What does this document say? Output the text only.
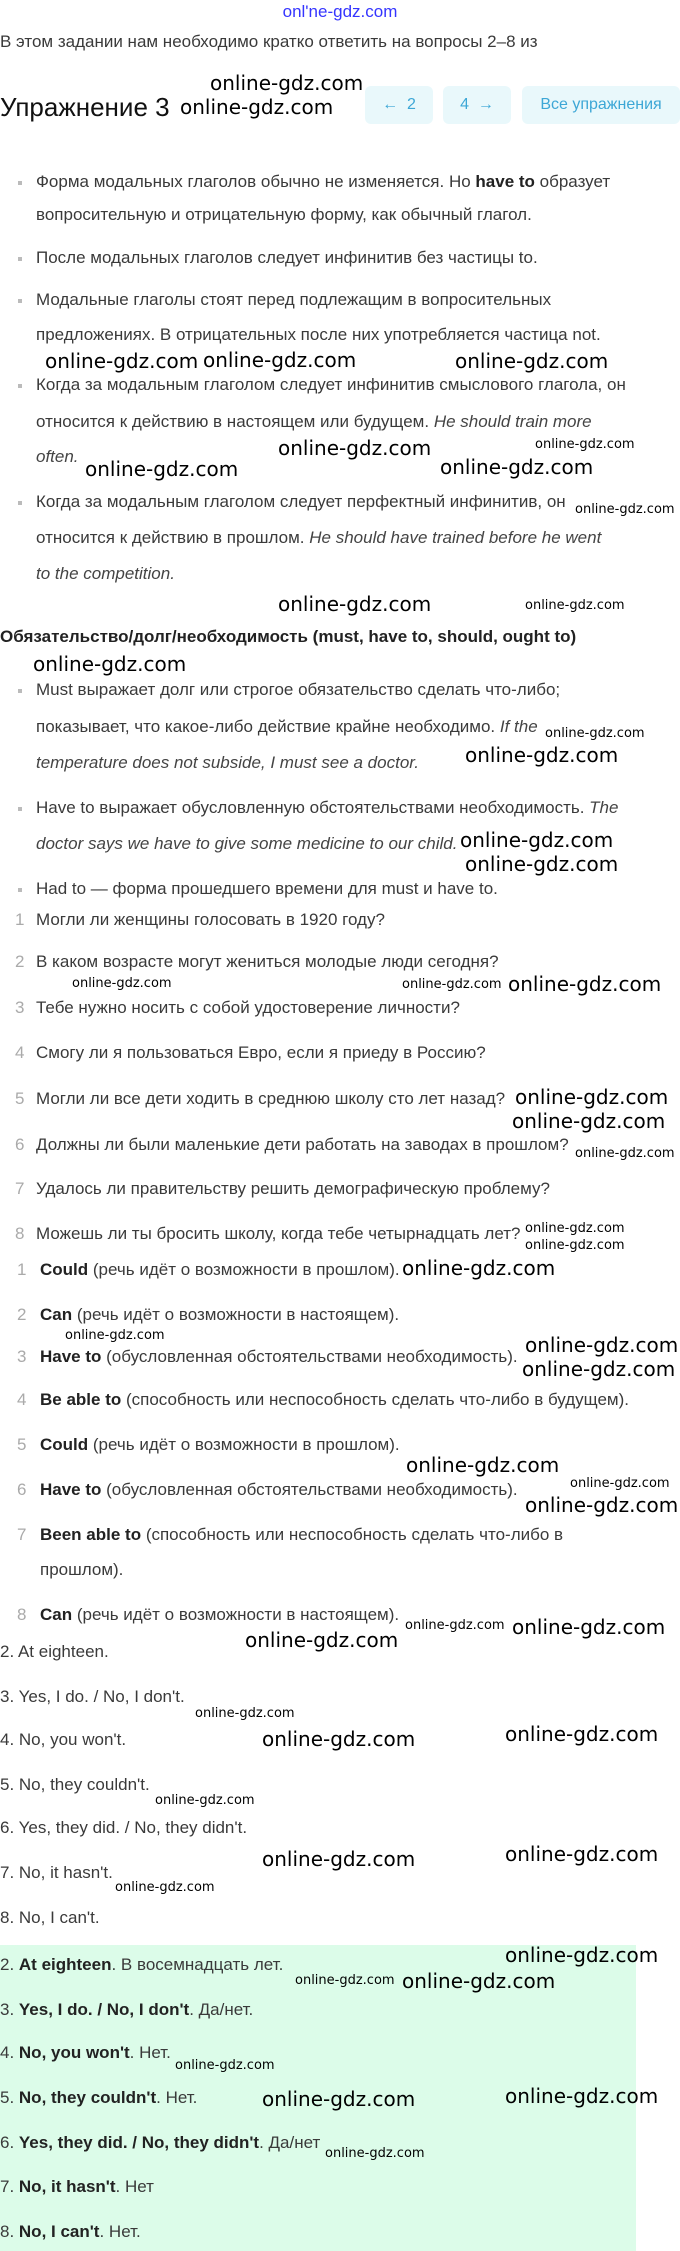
onl'ne-gdz.com
В этом задании нам необходимо кратко ответить на вопросы 2–8 из
Упражнение 3	← 2	4 →	Все упражнения
Обязательство/долг/необходимость (must, have to, should, ought to)
Форма модальных глаголов обычно не изменяется. Но have to образует
вопросительную и отрицательную форму, как обычный глагол.
После модальных глаголов следует инфинитив без частицы to.
Модальные глаголы стоят перед подлежащим в вопросительных
предложениях. В отрицательных после них употребляется частица not.
Когда за модальным глаголом следует инфинитив смыслового глагола, он
относится к действию в настоящем или будущем. He should train more
often.
Когда за модальным глаголом следует перфектный инфинитив, он
относится к действию в прошлом. He should have trained before he went
to the competition.
Must выражает долг или строгое обязательство сделать что-либо;
показывает, что какое-либо действие крайне необходимо. If the
temperature does not subside, I must see a doctor.
Have to выражает обусловленную обстоятельствами необходимость. The
doctor says we have to give some medicine to our child.
Had to — форма прошедшего времени для must и have to.
1 Могли ли женщины голосовать в 1920 году?
2 В каком возрасте могут жениться молодые люди сегодня?
3 Тебе нужно носить с собой удостоверение личности?
4 Смогу ли я пользоваться Евро, если я приеду в Россию?
5 Могли ли все дети ходить в среднюю школу сто лет назад?
6 Должны ли были маленькие дети работать на заводах в прошлом?
7 Удалось ли правительству решить демографическую проблему?
8 Можешь ли ты бросить школу, когда тебе четырнадцать лет?
1 Could (речь идёт о возможности в прошлом).
2 Can (речь идёт о возможности в настоящем).
3 Have to (обусловленная обстоятельствами необходимость).
4 Be able to (способность или неспособность сделать что-либо в будущем).
5 Could (речь идёт о возможности в прошлом).
6 Have to (обусловленная обстоятельствами необходимость).
7 Been able to (способность или неспособность сделать что-либо в
прошлом).
8 Can (речь идёт о возможности в настоящем).
2. At eighteen.
3. Yes, I do. / No, I don't.
4. No, you won't.
5. No, they couldn't.
6. Yes, they did. / No, they didn't.
7. No, it hasn't.
8. No, I can't.
2. At eighteen. В восемнадцать лет.
3. Yes, I do. / No, I don't. Да/нет.
4. No, you won't. Нет.
5. No, they couldn't. Нет.
6. Yes, they did. / No, they didn't. Да/нет
7. No, it hasn't. Нет
8. No, I can't. Нет.
online-gdz.com
online-gdz.com
online-gdz.com	online-gdz.com
online-gdz.com
online-gdz.com	online-gdz.com
online-gdz.com	online-gdz.com
online-gdz.com
online-gdz.com	online-gdz.com
online-gdz.com
online-gdz.com
online-gdz.com
online-gdz.com
online-gdz.com
online-gdz.com	online-gdz.com
online-gdz.com
online-gdz.com
online-gdz.com
online-gdz.com
online-gdz.com
online-gdz.com
online-gdz.com
online-gdz.com
online-gdz.com
online-gdz.com
online-gdz.com
online-gdz.com
online-gdz.com
online-gdz.com online-gdz.com
online-gdz.com
online-gdz.com
online-gdz.com	online-gdz.com
online-gdz.com
online-gdz.com	online-gdz.com
online-gdz.com
online-gdz.com online-gdz.com
online-gdz.com
online-gdz.com
online-gdz.com	online-gdz.com
online-gdz.com
